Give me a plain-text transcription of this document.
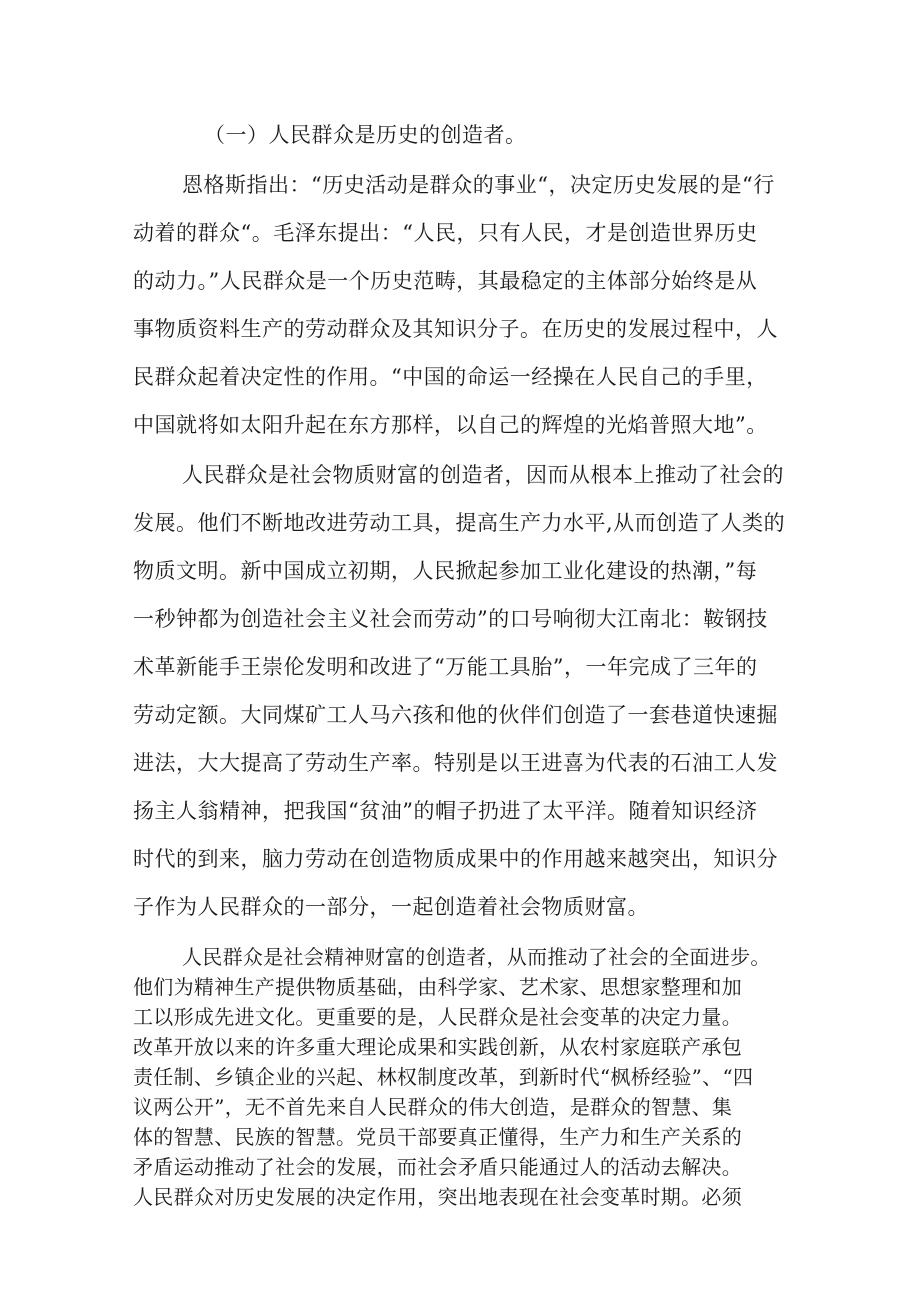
（一）人民群众是历史的创造者。

恩格斯指出：“历史活动是群众的事业“，决定历史发展的是“行

动着的群众“。毛泽东提出：“人民，只有人民，才是创造世界历史

的动力。”人民群众是一个历史范畴，其最稳定的主体部分始终是从

事物质资料生产的劳动群众及其知识分子。在历史的发展过程中，人

民群众起着决定性的作用。“中国的命运一经操在人民自己的手里，

中国就将如太阳升起在东方那样，以自己的辉煌的光焰普照大地”。

人民群众是社会物质财富的创造者，因而从根本上推动了社会的

发展。他们不断地改进劳动工具，提高生产力水平,从而创造了人类的

物质文明。新中国成立初期，人民掀起参加工业化建设的热潮，”每

一秒钟都为创造社会主义社会而劳动”的口号响彻大江南北：鞍钢技

术革新能手王崇伦发明和改进了“万能工具胎”，一年完成了三年的

劳动定额。大同煤矿工人马六孩和他的伙伴们创造了一套巷道快速掘

进法，大大提高了劳动生产率。特别是以王进喜为代表的石油工人发

扬主人翁精神，把我国“贫油”的帽子扔进了太平洋。随着知识经济

时代的到来，脑力劳动在创造物质成果中的作用越来越突出，知识分

子作为人民群众的一部分，一起创造着社会物质财富。

人民群众是社会精神财富的创造者，从而推动了社会的全面进步。

他们为精神生产提供物质基础，由科学家、艺术家、思想家整理和加

工以形成先进文化。更重要的是，人民群众是社会变革的决定力量。

改革开放以来的许多重大理论成果和实践创新，从农村家庭联产承包

责任制、乡镇企业的兴起、林权制度改革，到新时代“枫桥经验”、“四

议两公开”，无不首先来自人民群众的伟大创造，是群众的智慧、集

体的智慧、民族的智慧。党员干部要真正懂得，生产力和生产关系的

矛盾运动推动了社会的发展，而社会矛盾只能通过人的活动去解决。

人民群众对历史发展的决定作用，突出地表现在社会变革时期。必须
